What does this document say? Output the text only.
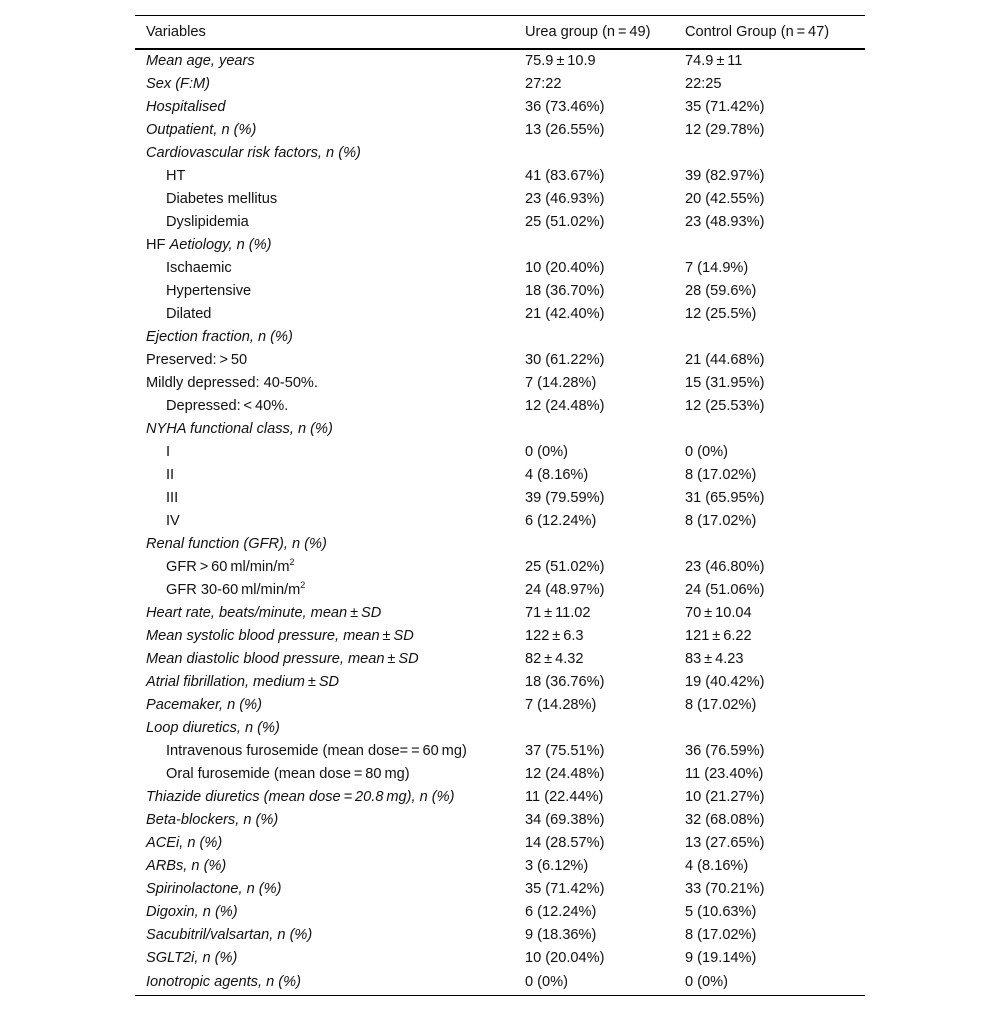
Variables	Urea group (n = 49)	Control Group (n = 47)
Mean age, years	75.9 ± 10.9	74.9 ± 11
Sex (F:M)	27:22	22:25
Hospitalised	36 (73.46%)	35 (71.42%)
Outpatient, n (%)	13 (26.55%)	12 (29.78%)
Cardiovascular risk factors, n (%)		
HT	41 (83.67%)	39 (82.97%)
Diabetes mellitus	23 (46.93%)	20 (42.55%)
Dyslipidemia	25 (51.02%)	23 (48.93%)
HF Aetiology, n (%)		
Ischaemic	10 (20.40%)	7 (14.9%)
Hypertensive	18 (36.70%)	28 (59.6%)
Dilated	21 (42.40%)	12 (25.5%)
Ejection fraction, n (%)		
Preserved: > 50	30 (61.22%)	21 (44.68%)
Mildly depressed: 40-50%.	7 (14.28%)	15 (31.95%)
Depressed: < 40%.	12 (24.48%)	12 (25.53%)
NYHA functional class, n (%)		
I	0 (0%)	0 (0%)
II	4 (8.16%)	8 (17.02%)
III	39 (79.59%)	31 (65.95%)
IV	6 (12.24%)	8 (17.02%)
Renal function (GFR), n (%)		
GFR > 60 $ml/\min/m^2$	25 (51.02%)	23 (46.80%)
GFR 30-60 $ml/\min/m^2$	24 (48.97%)	24 (51.06%)
Heart rate, beats/minute, mean ± SD	71 ± 11.02	70 ± 10.04
Mean systolic blood pressure, mean ± SD	122 ± 6.3	121 ± 6.22
Mean diastolic blood pressure, mean ± SD	82 ± 4.32	83 ± 4.23
Atrial fibrillation, medium ± SD	18 (36.76%)	19 (40.42%)
Pacemaker, n (%)	7 (14.28%)	8 (17.02%)
Loop diuretics, n (%)		
Intravenous furosemide (mean dose= = 60 mg)	37 (75.51%)	36 (76.59%)
Oral furosemide (mean dose = 80 mg)	12 (24.48%)	11 (23.40%)
Thiazide diuretics (mean dose = 20.8 mg), n (%)	11 (22.44%)	10 (21.27%)
Beta-blockers, n (%)	34 (69.38%)	32 (68.08%)
ACEi, n (%)	14 (28.57%)	13 (27.65%)
ARBs, n (%)	3 (6.12%)	4 (8.16%)
Spirinolactone, n (%)	35 (71.42%)	33 (70.21%)
Digoxin, n (%)	6 (12.24%)	5 (10.63%)
Sacubitril/valsartan, n (%)	9 (18.36%)	8 (17.02%)
SGLT2i, n (%)	10 (20.04%)	9 (19.14%)
Ionotropic agents, n (%)	0 (0%)	0 (0%)
